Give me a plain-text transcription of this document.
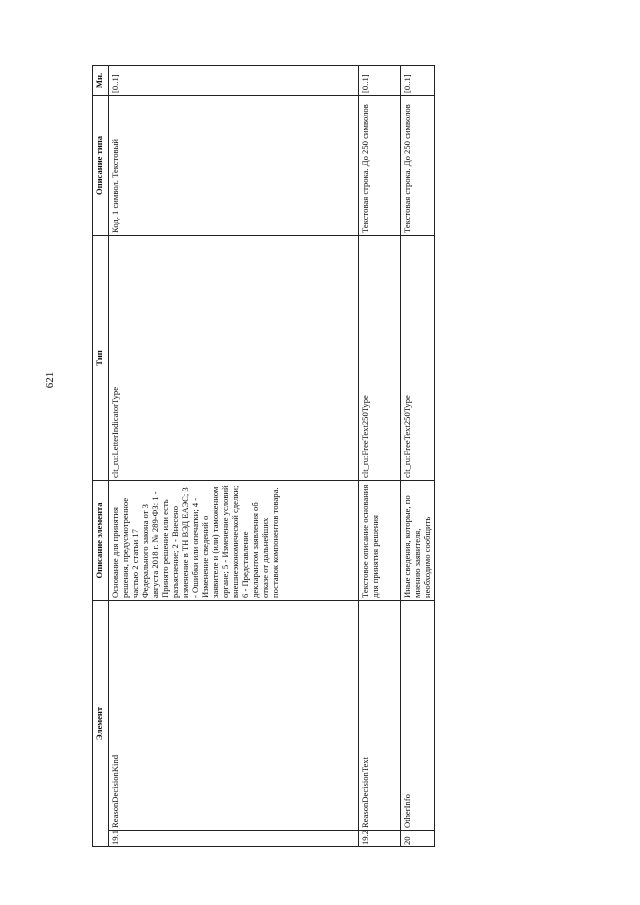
621
Элемент		Описание элемента	Тип	Описание типа	Мн.
19.1	ReasonDecisionKind	Основание для принятия решения, предусмотренное частью 2 статьи 17 Федерального закона от 3 августа 2018 г. № 289-ФЗ: 1 - Принято решение или есть разъяснение; 2 - Внесено изменение в ТН ВЭД ЕАЭС; 3 - Ошибки или опечатки; 4 - Изменение сведений о заявителе и (или) таможенном органе; 5 - Изменение условий внешнеэкономической сделки; 6 - Представление декларантом заявления об отказе от дальнейших поставок компонентов товара.	clt_ru:LetterIndicatorType	Код. 1 символ. Текстовый	[0..1]
19.2	ReasonDecisionText	Текстовое описание основания для принятия решения	clt_ru:FreeText250Type	Текстовая строка. До 250 символов	[0..1]
20	OtherInfo	Иные сведения, которые, по мнению заявителя, необходимо сообщить	clt_ru:FreeText250Type	Текстовая строка. До 250 символов	[0..1]
